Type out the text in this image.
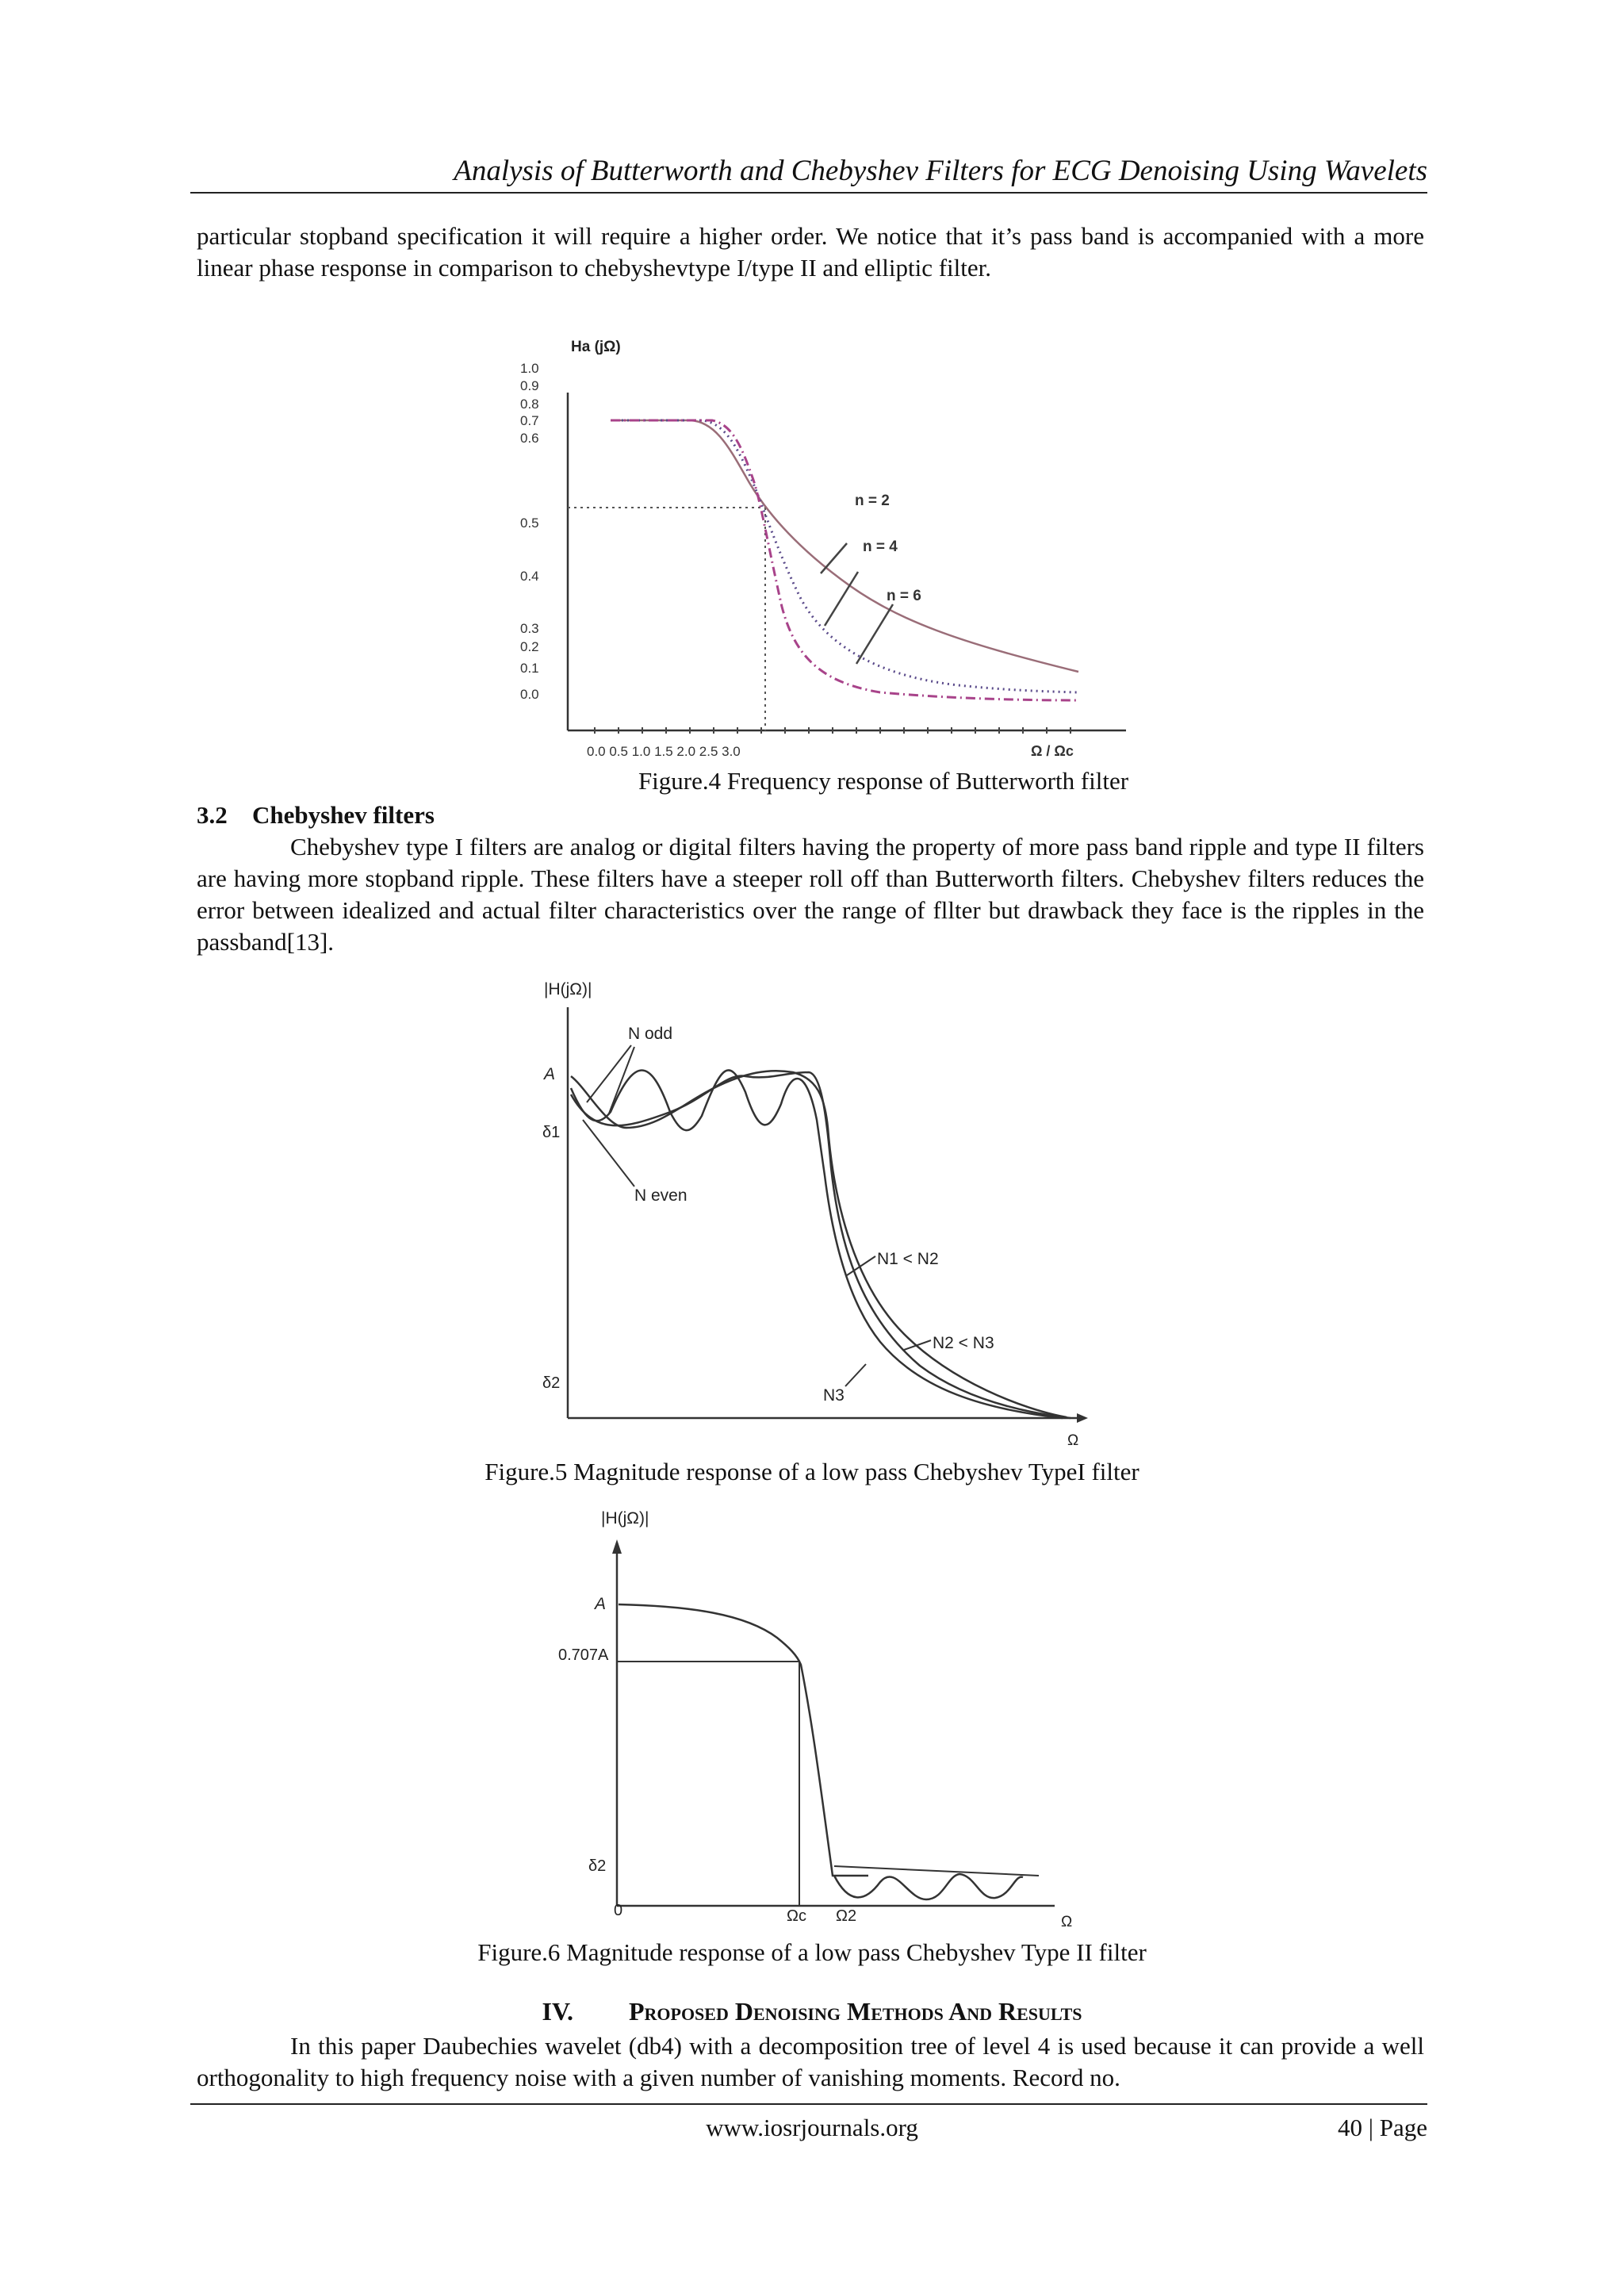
Analysis of Butterworth and Chebyshev Filters for ECG Denoising Using Wavelets
particular stopband specification it will require a higher order. We notice that it’s pass band is accompanied with a more linear phase response in comparison to chebyshevtype I/type II and elliptic filter.
Ha (jΩ)
1.0
0.9
0.7
0.8
0.6
0.5
0.4
0.3
0.2
0.1
0.0
n = 2
n = 4
n = 6
0.0 0.5 1.0 1.5 2.0 2.5 3.0	Ω / Ωc
Figure.4 Frequency response of Butterworth filter
3.2 Chebyshev filters
Chebyshev type I filters are analog or digital filters having the property of more pass band ripple and type II filters are having more stopband ripple. These filters have a steeper roll off than Butterworth filters. Chebyshev filters reduces the error between idealized and actual filter characteristics over the range of fllter but drawback they face is the ripples in the passband[13].
|H(jΩ)|
A
δ1
δ2
Ω
N odd
N even
N1 < N2
N2 < N3
N3
Figure.5 Magnitude response of a low pass Chebyshev TypeI filter
|H(jΩ)|
A
0.707A
δ2
0	Ωc Ω2	Ω
Figure.6 Magnitude response of a low pass Chebyshev Type II filter
IV. Proposed Denoising Methods And Results
In this paper Daubechies wavelet (db4) with a decomposition tree of level 4 is used because it can provide a well orthogonality to high frequency noise with a given number of vanishing moments. Record no.
www.iosrjournals.org	40 | Page
